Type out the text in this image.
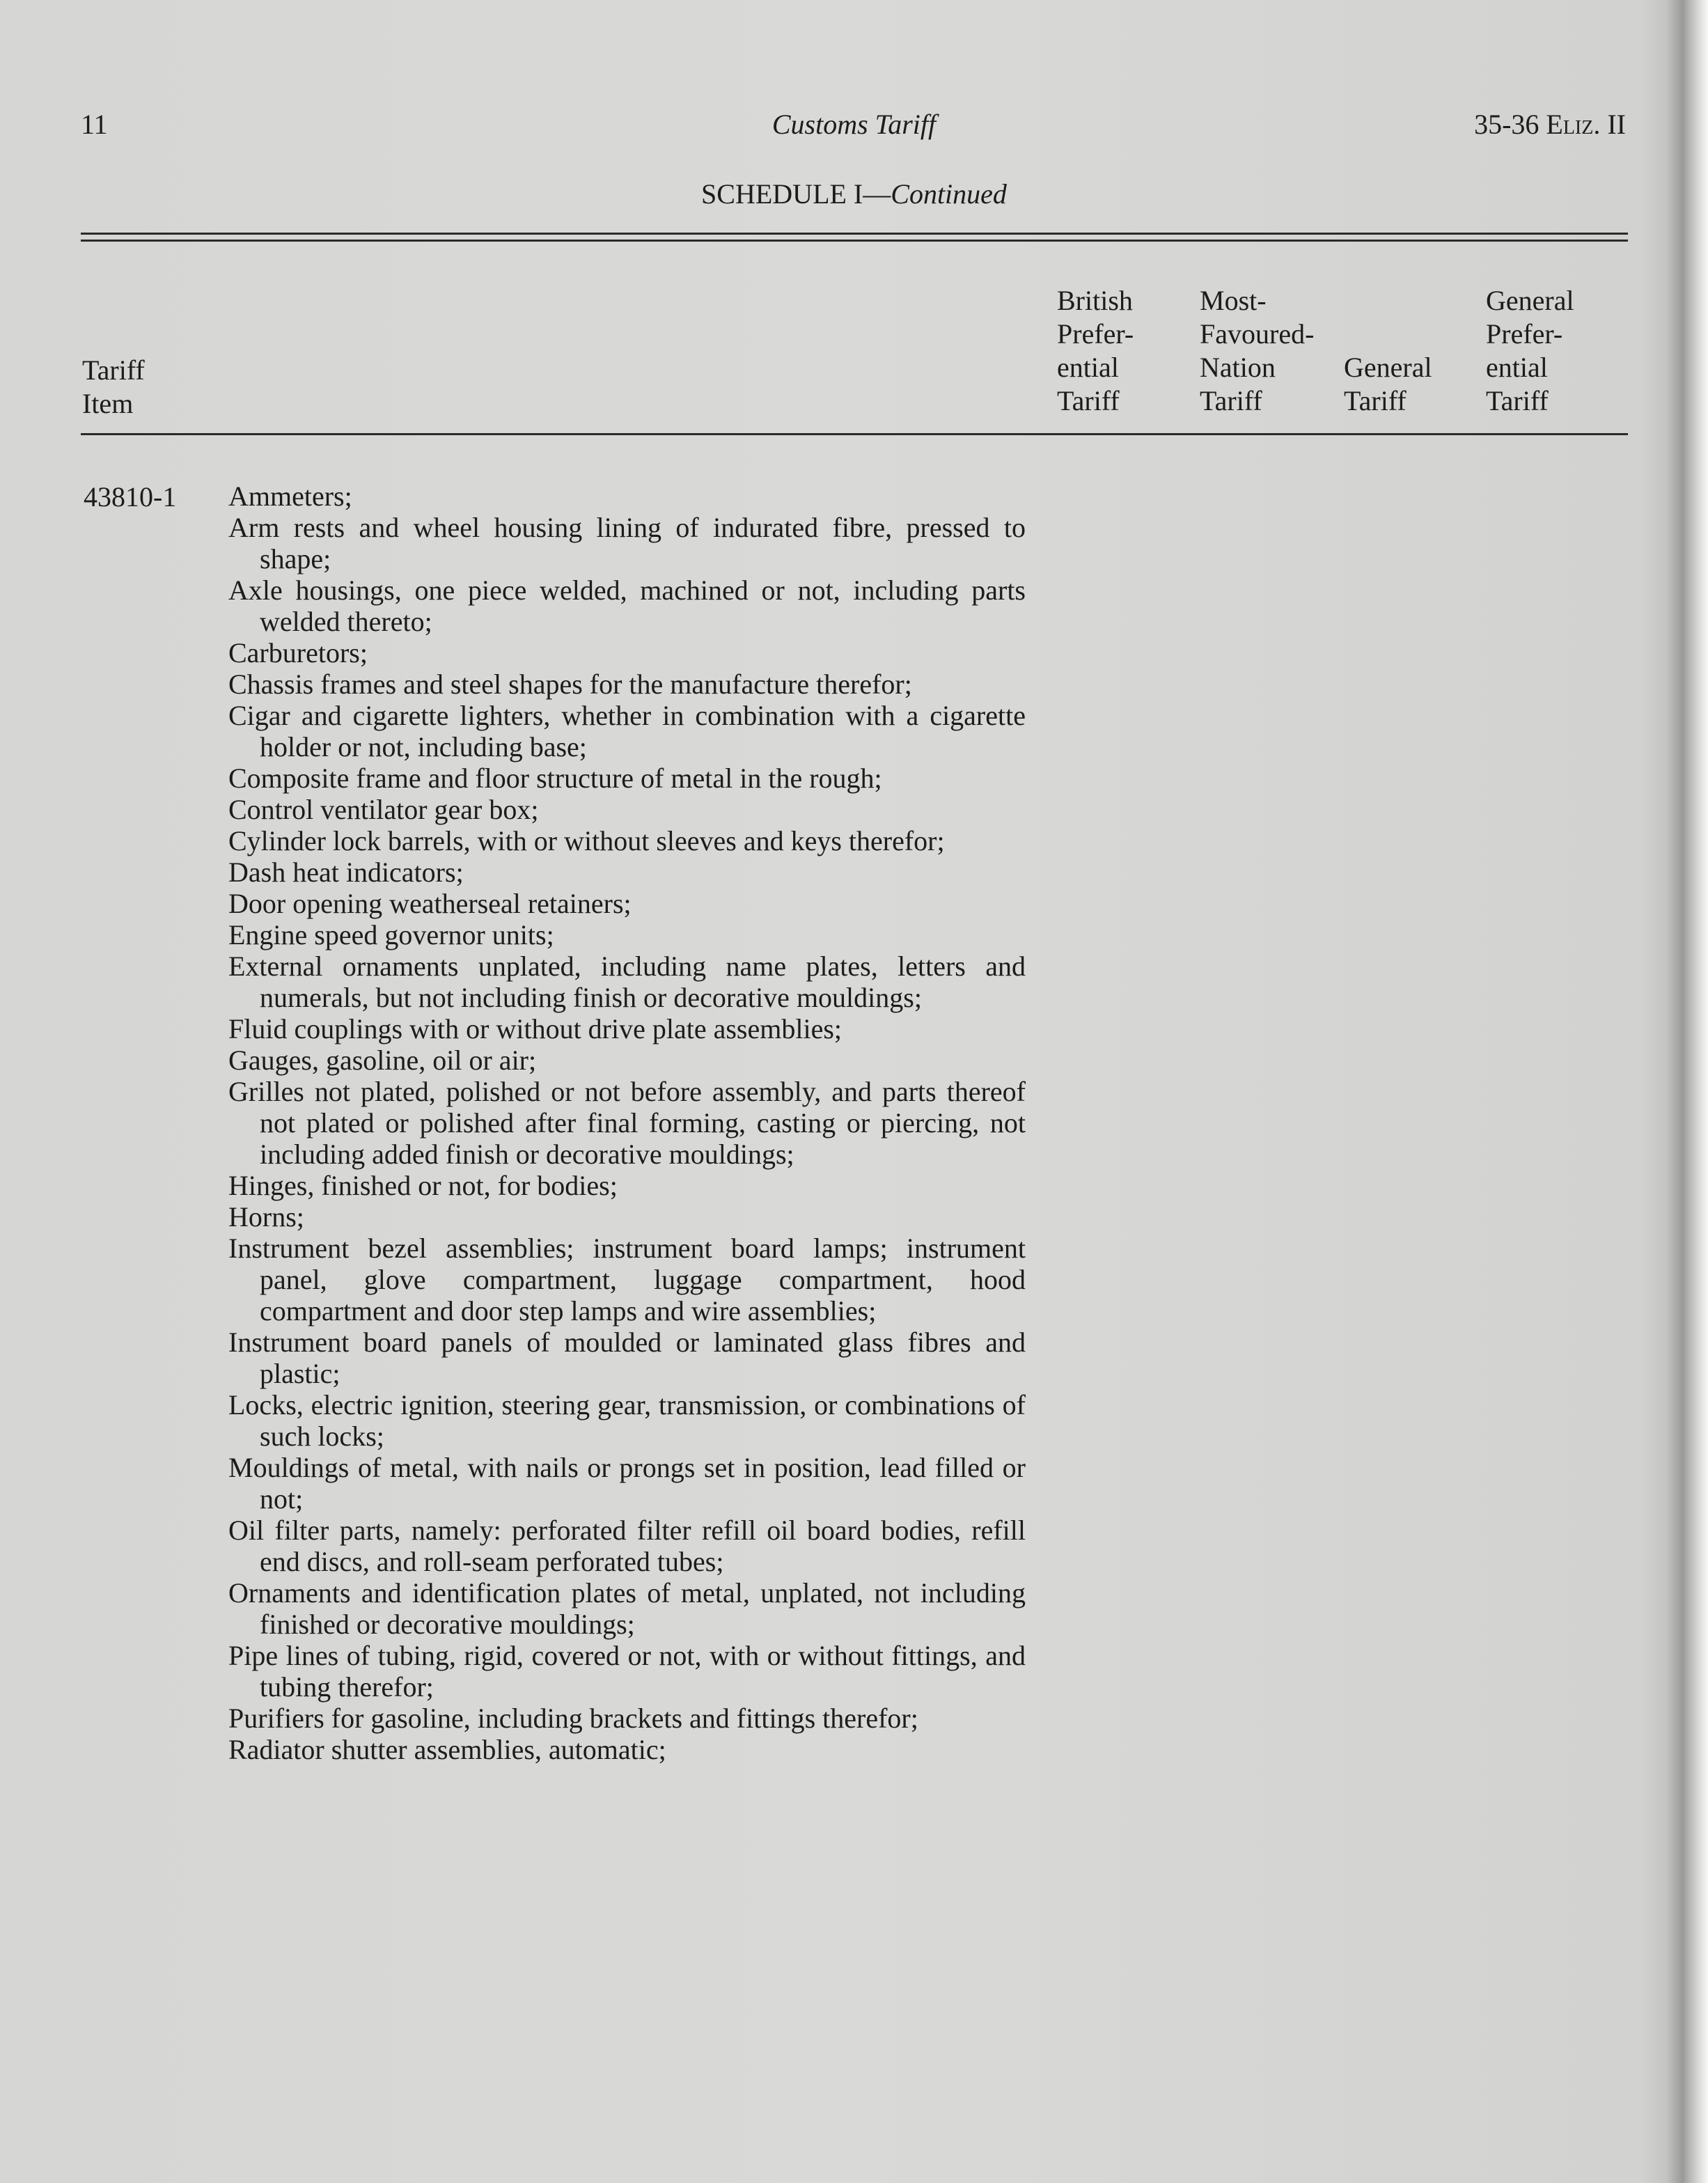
11	Customs Tariff	35-36 Eliz. II
SCHEDULE I—Continued
Tariff
Item
British
Prefer-
ential
Tariff
Most-
Favoured-
Nation
Tariff
General
Tariff
General
Prefer-
ential
Tariff
43810-1 Ammeters;

Arm rests and wheel housing lining of indurated fibre, pressed to shape;

Axle housings, one piece welded, machined or not, including parts welded thereto;

Carburetors;

Chassis frames and steel shapes for the manufacture therefor;

Cigar and cigarette lighters, whether in combination with a cigarette holder or not, including base;

Composite frame and floor structure of metal in the rough;

Control ventilator gear box;

Cylinder lock barrels, with or without sleeves and keys therefor;

Dash heat indicators;

Door opening weatherseal retainers;

Engine speed governor units;

External ornaments unplated, including name plates, letters and numerals, but not including finish or decorative mouldings;

Fluid couplings with or without drive plate assemblies;

Gauges, gasoline, oil or air;

Grilles not plated, polished or not before assembly, and parts thereof not plated or polished after final forming, casting or piercing, not including added finish or decorative mouldings;

Hinges, finished or not, for bodies;

Horns;

Instrument bezel assemblies; instrument board lamps; instrument panel, glove compartment, luggage compartment, hood compartment and door step lamps and wire assemblies;

Instrument board panels of moulded or laminated glass fibres and plastic;

Locks, electric ignition, steering gear, transmission, or combinations of such locks;

Mouldings of metal, with nails or prongs set in position, lead filled or not;

Oil filter parts, namely: perforated filter refill oil board bodies, refill end discs, and roll-seam perforated tubes;

Ornaments and identification plates of metal, unplated, not including finished or decorative mouldings;

Pipe lines of tubing, rigid, covered or not, with or without fittings, and tubing therefor;

Purifiers for gasoline, including brackets and fittings therefor;

Radiator shutter assemblies, automatic;
